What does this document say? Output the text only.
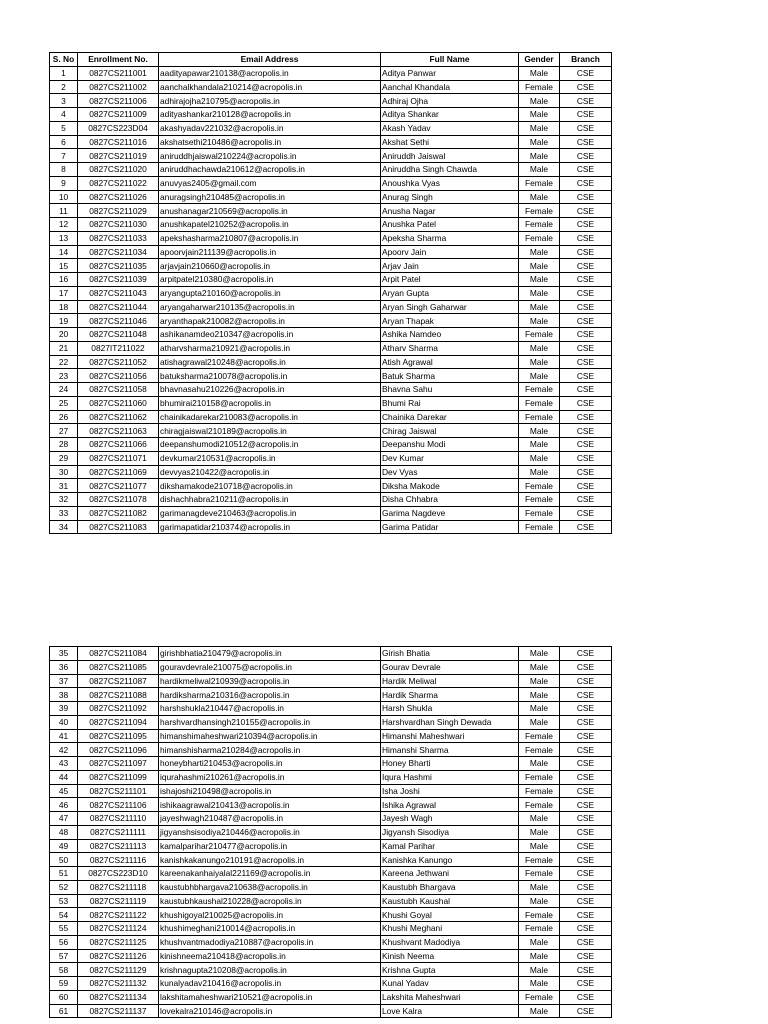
S. No	Enrollment No.	Email Address	Full Name	Gender	Branch
1	0827CS211001	aadityapawar210138@acropolis.in	Aditya Panwar	Male	CSE
2	0827CS211002	aanchalkhandala210214@acropolis.in	Aanchal Khandala	Female	CSE
3	0827CS211006	adhirajojha210795@acropolis.in	Adhiraj Ojha	Male	CSE
4	0827CS211009	adityashankar210128@acropolis.in	Aditya Shankar	Male	CSE
5	0827CS223D04	akashyadav221032@acropolis.in	Akash Yadav	Male	CSE
6	0827CS211016	akshatsethi210486@acropolis.in	Akshat Sethi	Male	CSE
7	0827CS211019	aniruddhjaiswal210224@acropolis.in	Aniruddh Jaiswal	Male	CSE
8	0827CS211020	aniruddhachawda210612@acropolis.in	Aniruddha Singh Chawda	Male	CSE
9	0827CS211022	anuvyas2405@gmail.com	Anoushka Vyas	Female	CSE
10	0827CS211026	anuragsingh210485@acropolis.in	Anurag Singh	Male	CSE
11	0827CS211029	anushanagar210569@acropolis.in	Anusha Nagar	Female	CSE
12	0827CS211030	anushkapatel210252@acropolis.in	Anushka Patel	Female	CSE
13	0827CS211033	apekshasharma210807@acropolis.in	Apeksha Sharma	Female	CSE
14	0827CS211034	apoorvjain211139@acropolis.in	Apoorv Jain	Male	CSE
15	0827CS211035	arjavjain210660@acropolis.in	Arjav Jain	Male	CSE
16	0827CS211039	arpitpatel210380@acropolis.in	Arpit Patel	Male	CSE
17	0827CS211043	aryangupta210160@acropolis.in	Aryan Gupta	Male	CSE
18	0827CS211044	aryangaharwar210135@acropolis.in	Aryan Singh Gaharwar	Male	CSE
19	0827CS211046	aryanthapak210082@acropolis.in	Aryan Thapak	Male	CSE
20	0827CS211048	ashikanamdeo210347@acropolis.in	Ashika Namdeo	Female	CSE
21	0827IT211022	atharvsharma210921@acropolis.in	Atharv Sharma	Male	CSE
22	0827CS211052	atishagrawal210248@acropolis.in	Atish Agrawal	Male	CSE
23	0827CS211056	batuksharma210078@acropolis.in	Batuk Sharma	Male	CSE
24	0827CS211058	bhavnasahu210226@acropolis.in	Bhavna Sahu	Female	CSE
25	0827CS211060	bhumirai210158@acropolis.in	Bhumi Rai	Female	CSE
26	0827CS211062	chainikadarekar210083@acropolis.in	Chainika Darekar	Female	CSE
27	0827CS211063	chiragjaiswal210189@acropolis.in	Chirag Jaiswal	Male	CSE
28	0827CS211066	deepanshumodi210512@acropolis.in	Deepanshu Modi	Male	CSE
29	0827CS211071	devkumar210531@acropolis.in	Dev Kumar	Male	CSE
30	0827CS211069	devvyas210422@acropolis.in	Dev Vyas	Male	CSE
31	0827CS211077	dikshamakode210718@acropolis.in	Diksha Makode	Female	CSE
32	0827CS211078	dishachhabra210211@acropolis.in	Disha Chhabra	Female	CSE
33	0827CS211082	garimanagdeve210463@acropolis.in	Garima Nagdeve	Female	CSE
34	0827CS211083	garimapatidar210374@acropolis.in	Garima Patidar	Female	CSE
35	0827CS211084	girishbhatia210479@acropolis.in	Girish Bhatia	Male	CSE
36	0827CS211085	gouravdevrale210075@acropolis.in	Gourav Devrale	Male	CSE
37	0827CS211087	hardikmeliwal210939@acropolis.in	Hardik Meliwal	Male	CSE
38	0827CS211088	hardiksharma210316@acropolis.in	Hardik Sharma	Male	CSE
39	0827CS211092	harshshukla210447@acropolis.in	Harsh Shukla	Male	CSE
40	0827CS211094	harshvardhansingh210155@acropolis.in	Harshvardhan Singh Dewada	Male	CSE
41	0827CS211095	himanshimaheshwari210394@acropolis.in	Himanshi Maheshwari	Female	CSE
42	0827CS211096	himanshisharma210284@acropolis.in	Himanshi Sharma	Female	CSE
43	0827CS211097	honeybharti210453@acropolis.in	Honey Bharti	Male	CSE
44	0827CS211099	iqurahashmi210261@acropolis.in	Iqura Hashmi	Female	CSE
45	0827CS211101	ishajoshi210498@acropolis.in	Isha Joshi	Female	CSE
46	0827CS211106	ishikaagrawal210413@acropolis.in	Ishika Agrawal	Female	CSE
47	0827CS211110	jayeshwagh210487@acropolis.in	Jayesh Wagh	Male	CSE
48	0827CS211111	jigyanshsisodiya210446@acropolis.in	Jigyansh Sisodiya	Male	CSE
49	0827CS211113	kamalparihar210477@acropolis.in	Kamal Parihar	Male	CSE
50	0827CS211116	kanishkakanungo210191@acropolis.in	Kanishka Kanungo	Female	CSE
51	0827CS223D10	kareenakanhaiyalal221169@acropolis.in	Kareena Jethwani	Female	CSE
52	0827CS211118	kaustubhbhargava210638@acropolis.in	Kaustubh Bhargava	Male	CSE
53	0827CS211119	kaustubhkaushal210228@acropolis.in	Kaustubh Kaushal	Male	CSE
54	0827CS211122	khushigoyal210025@acropolis.in	Khushi Goyal	Female	CSE
55	0827CS211124	khushimeghani210014@acropolis.in	Khushi Meghani	Female	CSE
56	0827CS211125	khushvantmadodiya210887@acropolis.in	Khushvant Madodiya	Male	CSE
57	0827CS211126	kinishneema210418@acropolis.in	Kinish Neema	Male	CSE
58	0827CS211129	krishnagupta210208@acropolis.in	Krishna Gupta	Male	CSE
59	0827CS211132	kunalyadav210416@acropolis.in	Kunal Yadav	Male	CSE
60	0827CS211134	lakshitamaheshwari210521@acropolis.in	Lakshita Maheshwari	Female	CSE
61	0827CS211137	lovekalra210146@acropolis.in	Love Kalra	Male	CSE
